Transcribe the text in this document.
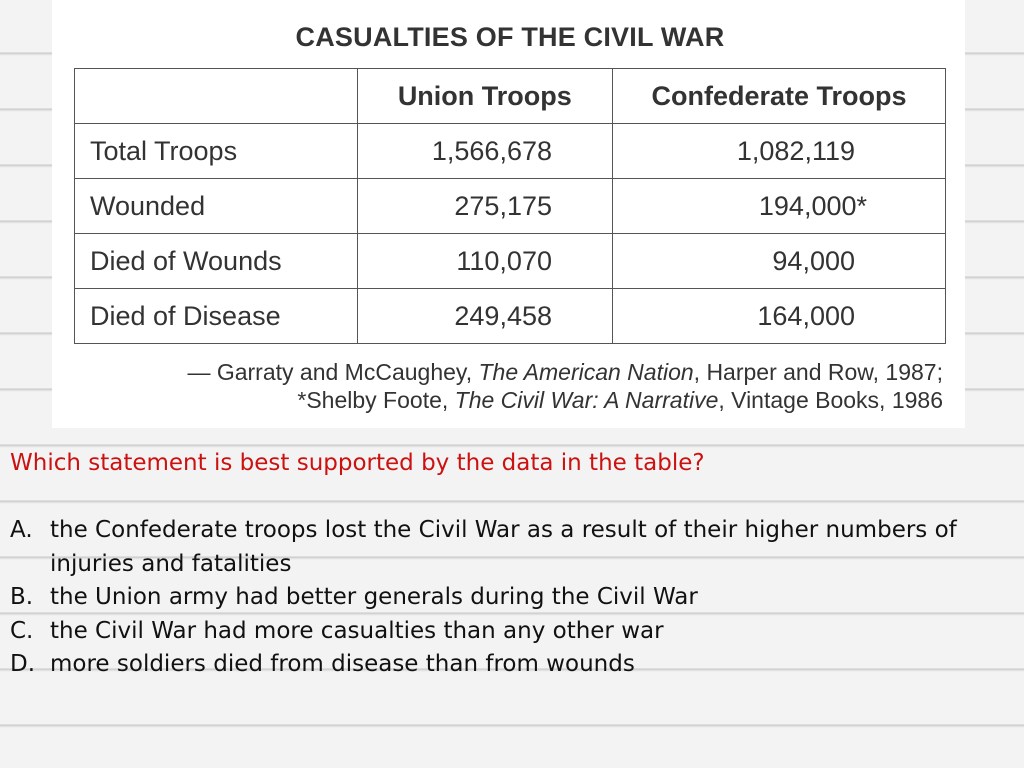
CASUALTIES OF THE CIVIL WAR
	Union Troops	Confederate Troops
Total Troops	1,566,678	1,082,119
Wounded	275,175	194,000*
Died of Wounds	110,070	94,000
Died of Disease	249,458	164,000
— Garraty and McCaughey, The American Nation, Harper and Row, 1987;
*Shelby Foote, The Civil War: A Narrative, Vintage Books, 1986
Which statement is best supported by the data in the table?
A. the Confederate troops lost the Civil War as a result of their higher numbers of injuries and fatalities
B. the Union army had better generals during the Civil War
C. the Civil War had more casualties than any other war
D. more soldiers died from disease than from wounds
